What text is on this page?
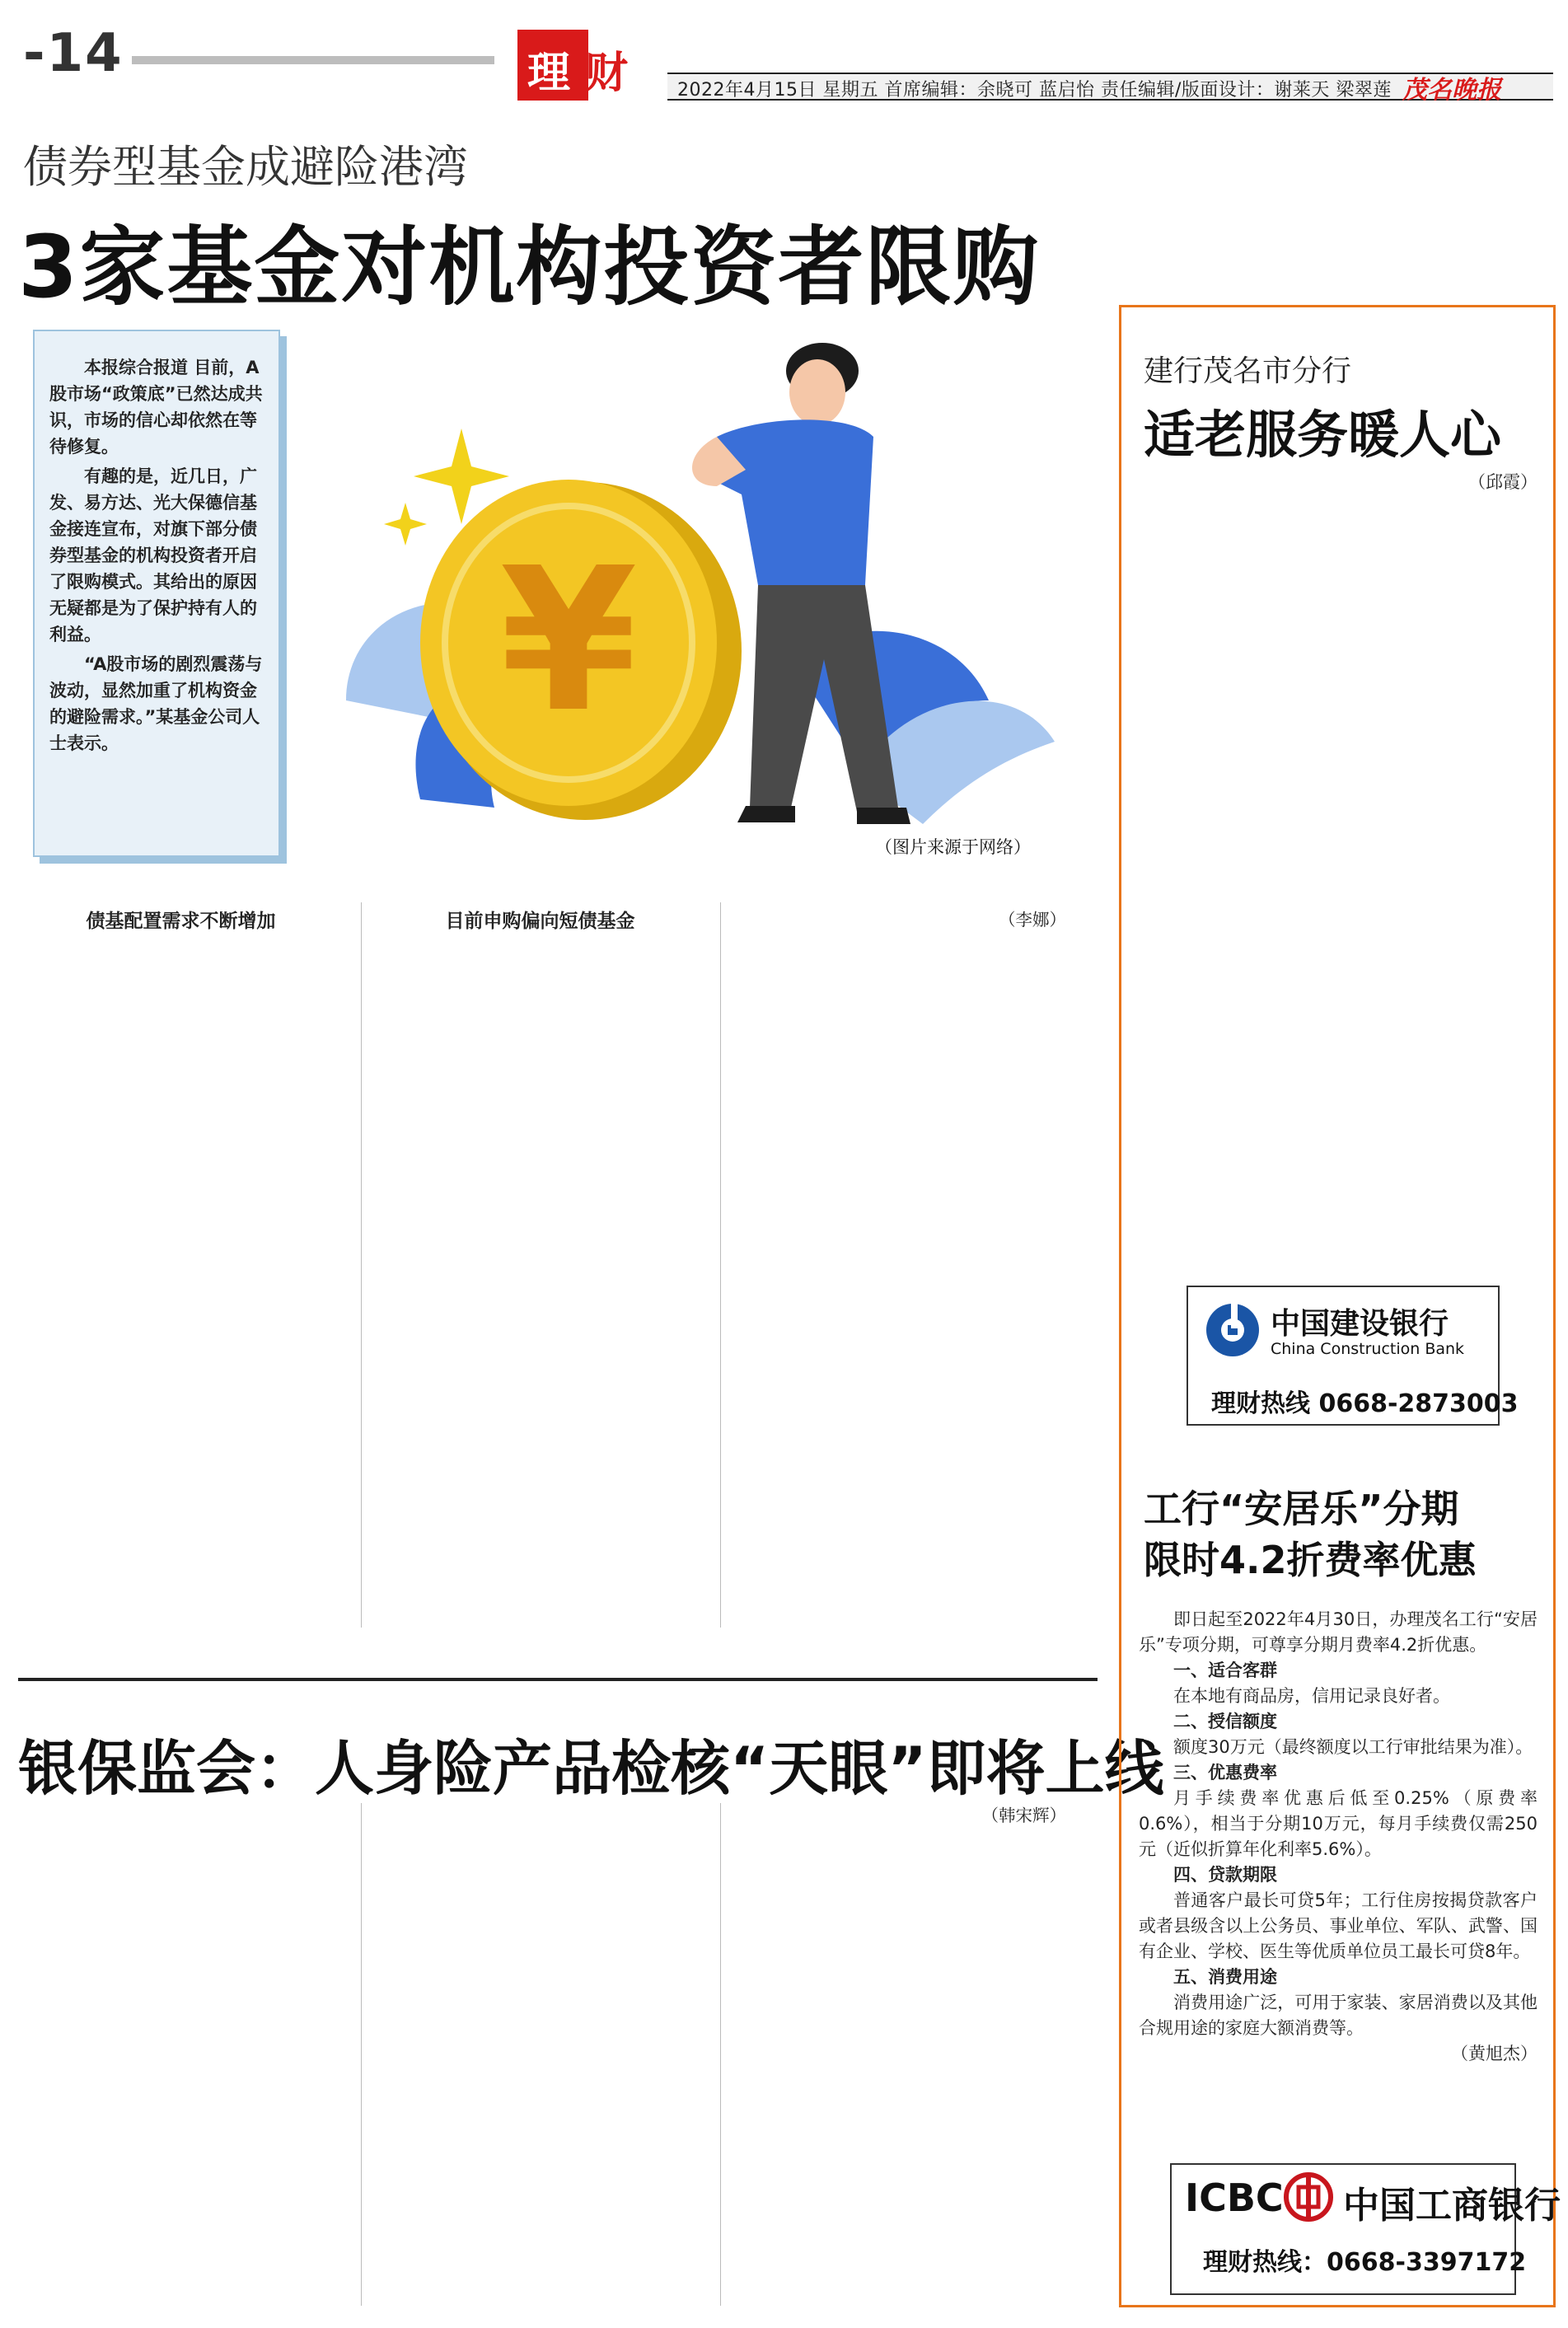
-14	理 财	2022年4月15日 星期五 首席编辑：余晓可 蓝启怡 责任编辑/版面设计：谢莱天 梁翠莲 茂名晚报
债券型基金成避险港湾
3家基金对机构投资者限购

本报综合报道 目前，A股市场“政策底”已然达成共识，市场的信心却依然在等待修复。

有趣的是，近几日，广发、易方达、光大保德信基金接连宣布，对旗下部分债券型基金的机构投资者开启了限购模式。其给出的原因无疑都是为了保护持有人的利益。

“A股市场的剧烈震荡与波动，显然加重了机构资金的避险需求。”某基金公司人士表示。	¥
（图片来源于网络）

债基配置需求不断增加	目前申购偏向短债基金	（李娜）

银保监会：人身险产品检核“天眼”即将上线

（韩宋辉）

建行茂名市分行
适老服务暖人心

（邱霞）

中国建设银行
China Construction Bank
理财热线 0668-2873003
工行“安居乐”分期
限时4.2折费率优惠

即日起至2022年4月30日，办理茂名工行“安居乐”专项分期，可尊享分期月费率4.2折优惠。

一、适合客群

在本地有商品房，信用记录良好者。

二、授信额度

额度30万元（最终额度以工行审批结果为准）。

三、优惠费率

月手续费率优惠后低至0.25%（原费率0.6%），相当于分期10万元，每月手续费仅需250元（近似折算年化利率5.6%）。

四、贷款期限

普通客户最长可贷5年；工行住房按揭贷款客户或者县级含以上公务员、事业单位、军队、武警、国有企业、学校、医生等优质单位员工最长可贷8年。

五、消费用途

消费用途广泛，可用于家装、家居消费以及其他合规用途的家庭大额消费等。

（黄旭杰）

ICBC 中国工商银行
理财热线：0668-3397172
